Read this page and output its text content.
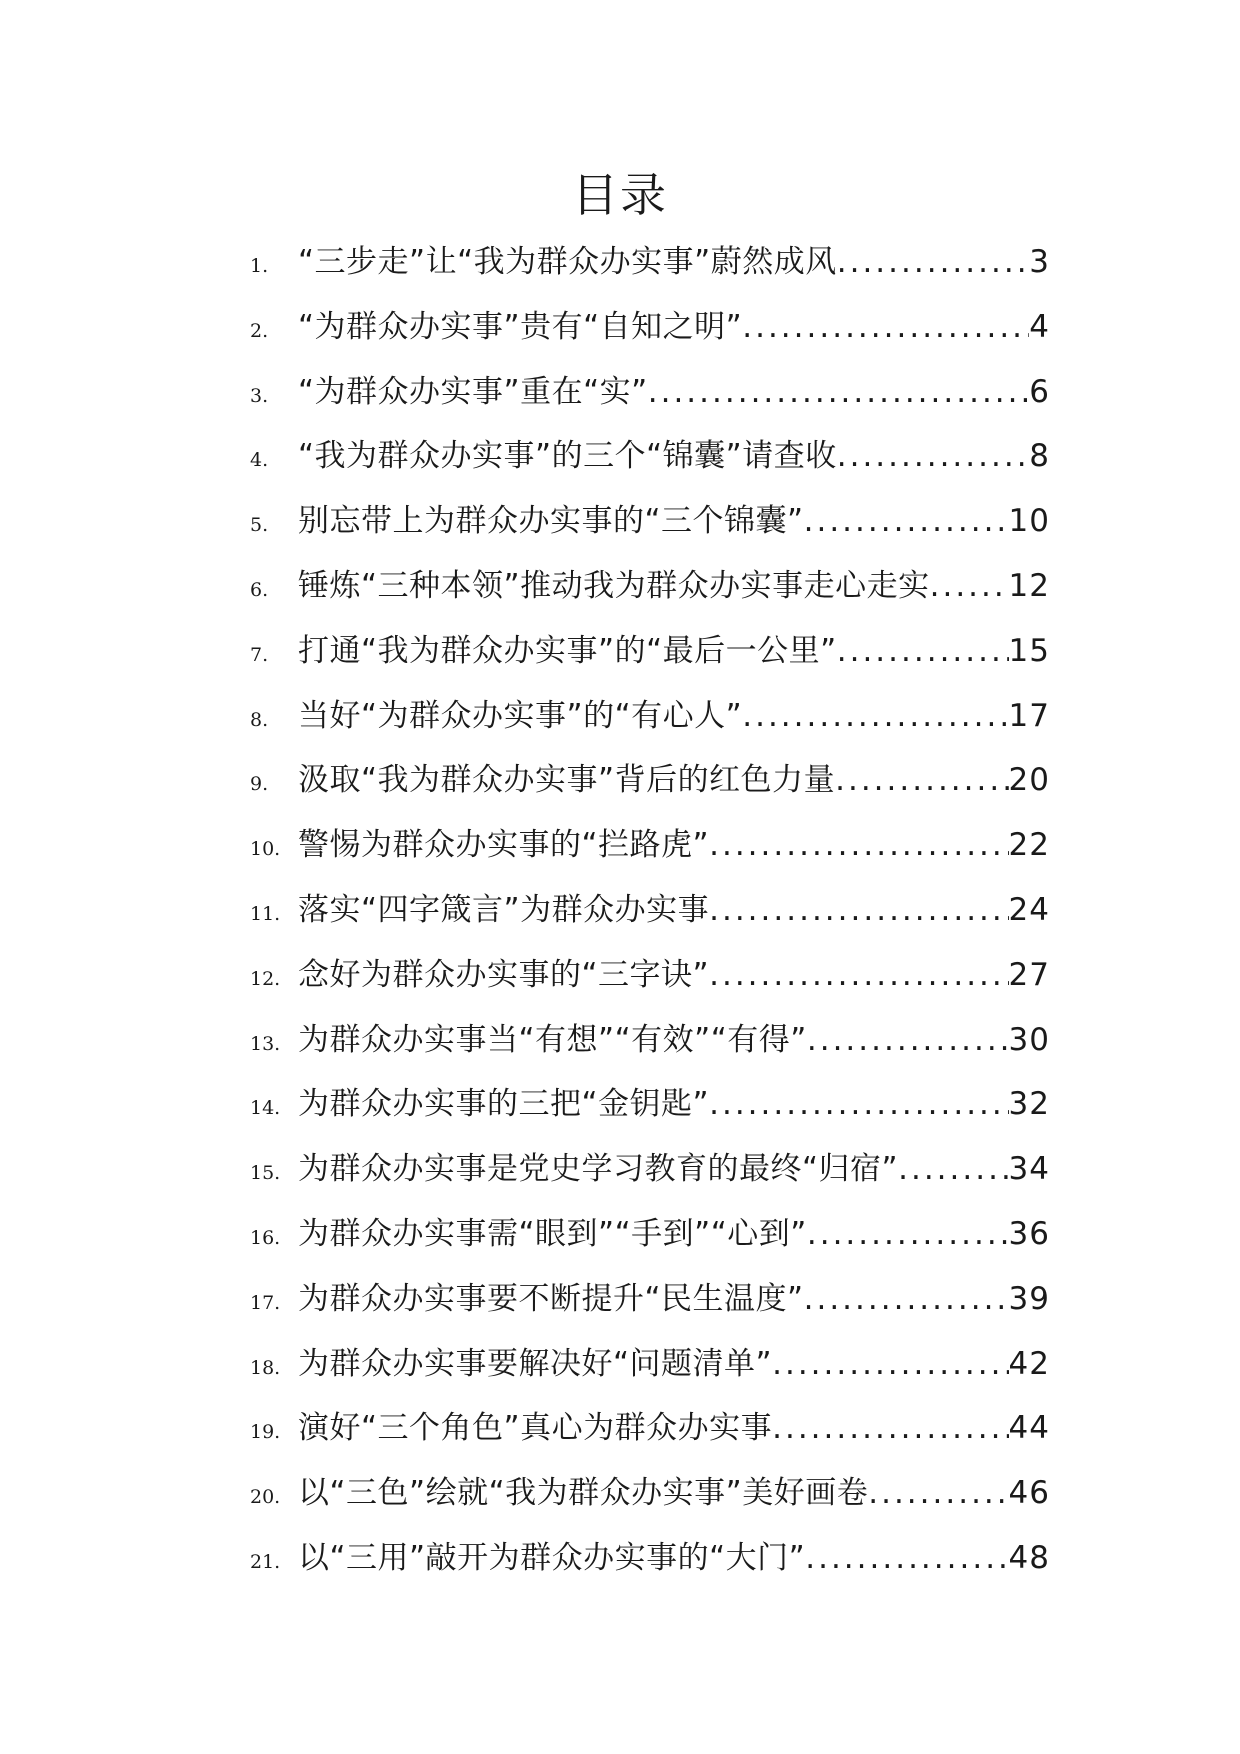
目录
1. “三步走”让“我为群众办实事”蔚然成风 .....	3
2. “为群众办实事”贵有“自知之明” .....	4
3. “为群众办实事”重在“实” .....	6
4. “我为群众办实事”的三个“锦囊”请查收 .....	8
5. 别忘带上为群众办实事的“三个锦囊” .....	10
6. 锤炼“三种本领”推动我为群众办实事走心走实 .....	12
7. 打通“我为群众办实事”的“最后一公里” .....	15
8. 当好“为群众办实事”的“有心人” .....	17
9. 汲取“我为群众办实事”背后的红色力量 .....	20
10. 警惕为群众办实事的“拦路虎” .....	22
11. 落实“四字箴言”为群众办实事 .....	24
12. 念好为群众办实事的“三字诀” .....	27
13. 为群众办实事当“有想”“有效”“有得” .....	30
14. 为群众办实事的三把“金钥匙” .....	32
15. 为群众办实事是党史学习教育的最终“归宿” .....	34
16. 为群众办实事需“眼到”“手到”“心到” .....	36
17. 为群众办实事要不断提升“民生温度” .....	39
18. 为群众办实事要解决好“问题清单” .....	42
19. 演好“三个角色”真心为群众办实事 .....	44
20. 以“三色”绘就“我为群众办实事”美好画卷 .....	46
21. 以“三用”敲开为群众办实事的“大门” .....	48
